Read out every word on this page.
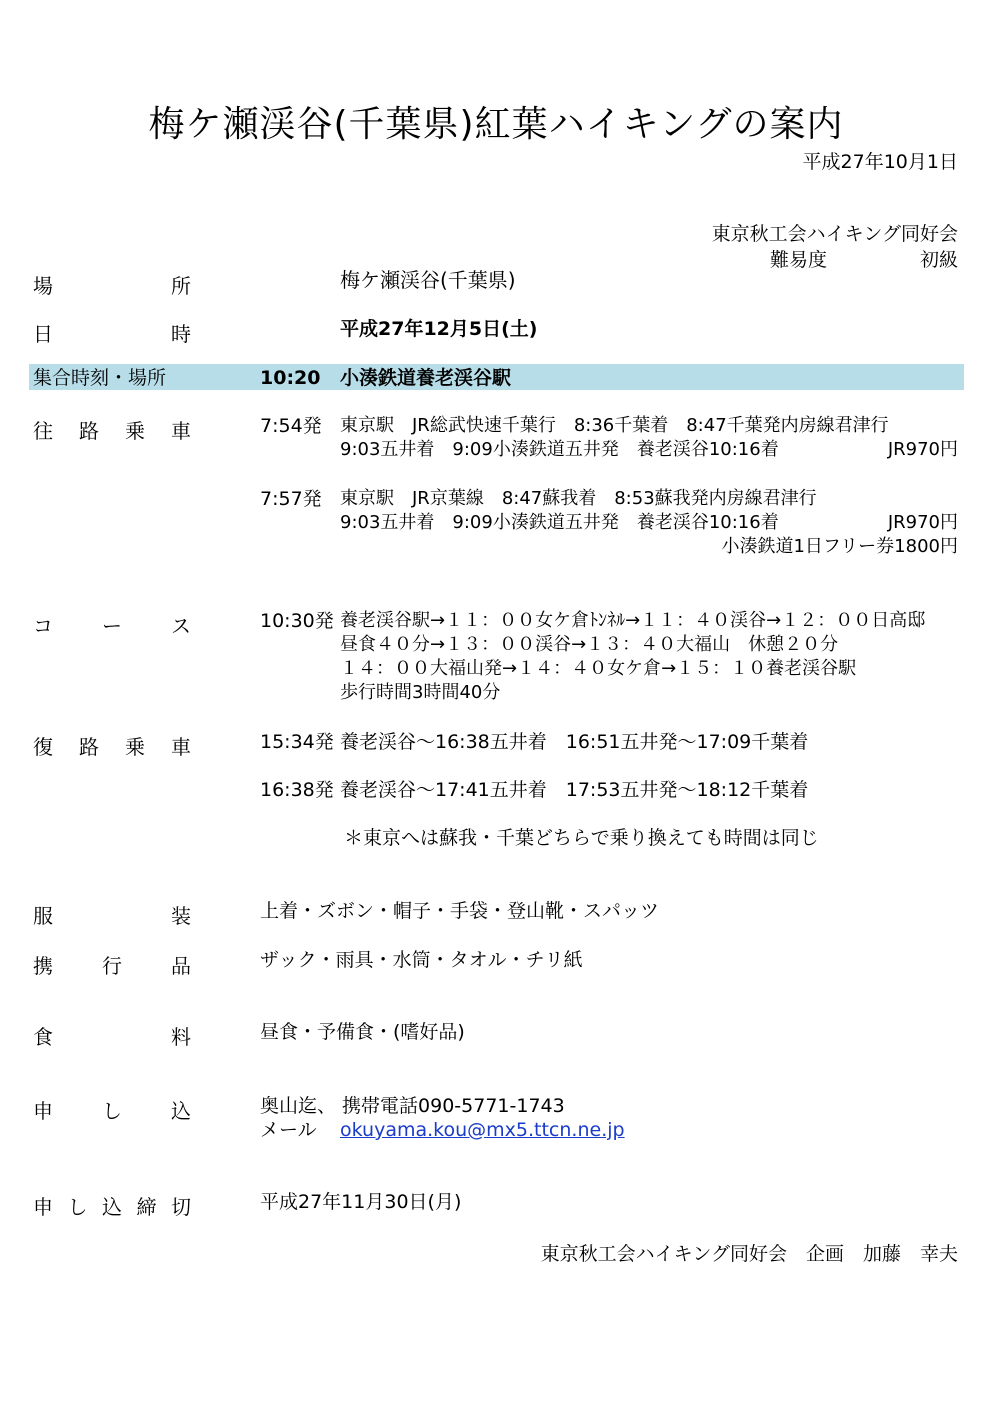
梅ケ瀬渓谷(千葉県)紅葉ハイキングの案内
平成27年10月1日
東京秋工会ハイキング同好会
難易度	初級
場	所	梅ケ瀬渓谷(千葉県)
日	時	平成27年12月5日(土)
集合時刻・場所	10:20 小湊鉄道養老渓谷駅
往 路 乗 車	7:54発 東京駅　JR総武快速千葉行　8:36千葉着　8:47千葉発内房線君津行
9:03五井着　9:09小湊鉄道五井発　養老渓谷10:16着	JR970円
7:57発 東京駅　JR京葉線　8:47蘇我着　8:53蘇我発内房線君津行
9:03五井着　9:09小湊鉄道五井発　養老渓谷10:16着	JR970円
小湊鉄道1日フリー券1800円
コ ー ス	10:30発 養老渓谷駅→１１：００女ケ倉ﾄﾝﾈﾙ→１１：４０渓谷→１２：００日高邸
昼食４０分→１３：００渓谷→１３：４０大福山　休憩２０分
１４：００大福山発→１４：４０女ケ倉→１５：１０養老渓谷駅
歩行時間3時間40分
復 路 乗 車	15:34発 養老渓谷～16:38五井着　16:51五井発～17:09千葉着
16:38発 養老渓谷～17:41五井着　17:53五井発～18:12千葉着
＊東京へは蘇我・千葉どちらで乗り換えても時間は同じ
服	装	上着・ズボン・帽子・手袋・登山靴・スパッツ
携 行 品	ザック・雨具・水筒・タオル・チリ紙
食	料	昼食・予備食・(嗜好品)
申 し 込	奥山迄、 携帯電話090-5771-1743
メール okuyama.kou@mx5.ttcn.ne.jp
申 し 込 締 切	平成27年11月30日(月)
東京秋工会ハイキング同好会　企画　加藤　幸夫
